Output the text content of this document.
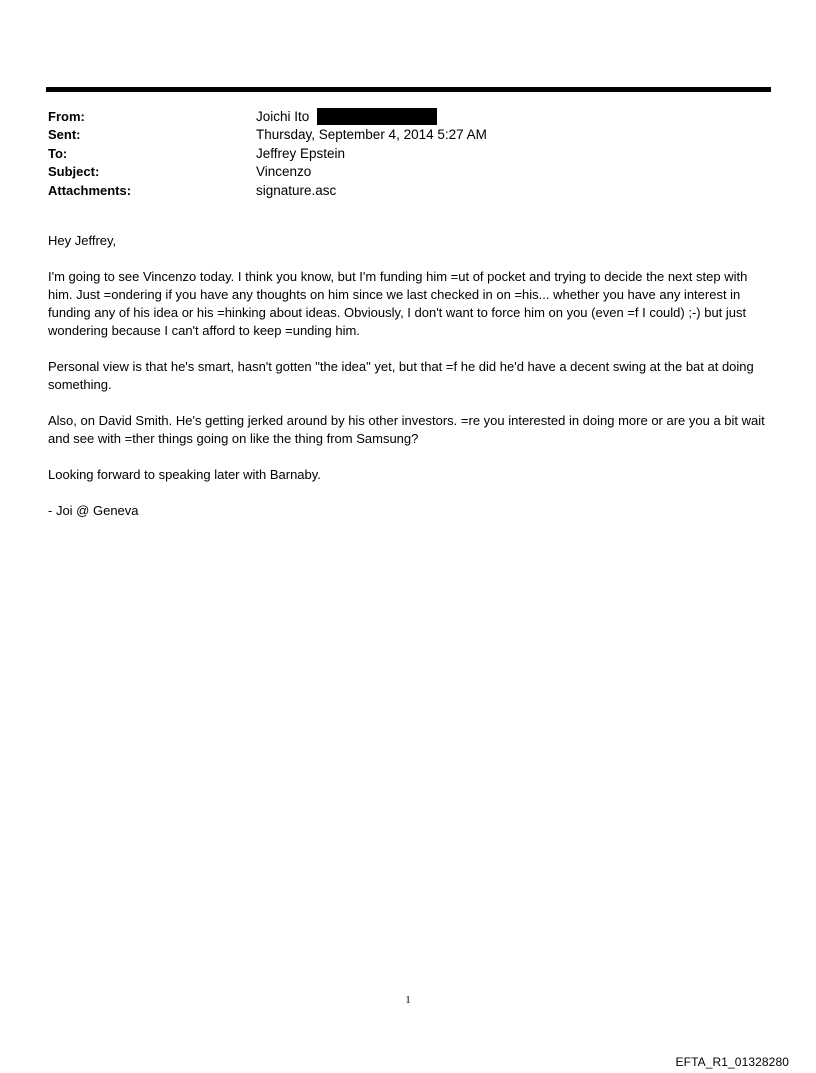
From:	Joichi Ito
Sent:	Thursday, September 4, 2014 5:27 AM
To:	Jeffrey Epstein
Subject:	Vincenzo
Attachments:	signature.asc

Hey Jeffrey,

I'm going to see Vincenzo today. I think you know, but I'm funding him =ut of pocket and trying to decide the next step with him. Just =ondering if you have any thoughts on him since we last checked in on =his... whether you have any interest in funding any of his idea or his =hinking about ideas. Obviously, I don't want to force him on you (even =f I could) ;-) but just wondering because I can't afford to keep =unding him.

Personal view is that he's smart, hasn't gotten "the idea" yet, but that =f he did he'd have a decent swing at the bat at doing something.

Also, on David Smith. He's getting jerked around by his other investors. =re you interested in doing more or are you a bit wait and see with =ther things going on like the thing from Samsung?

Looking forward to speaking later with Barnaby.

- Joi @ Geneva

1
EFTA_R1_01328280
